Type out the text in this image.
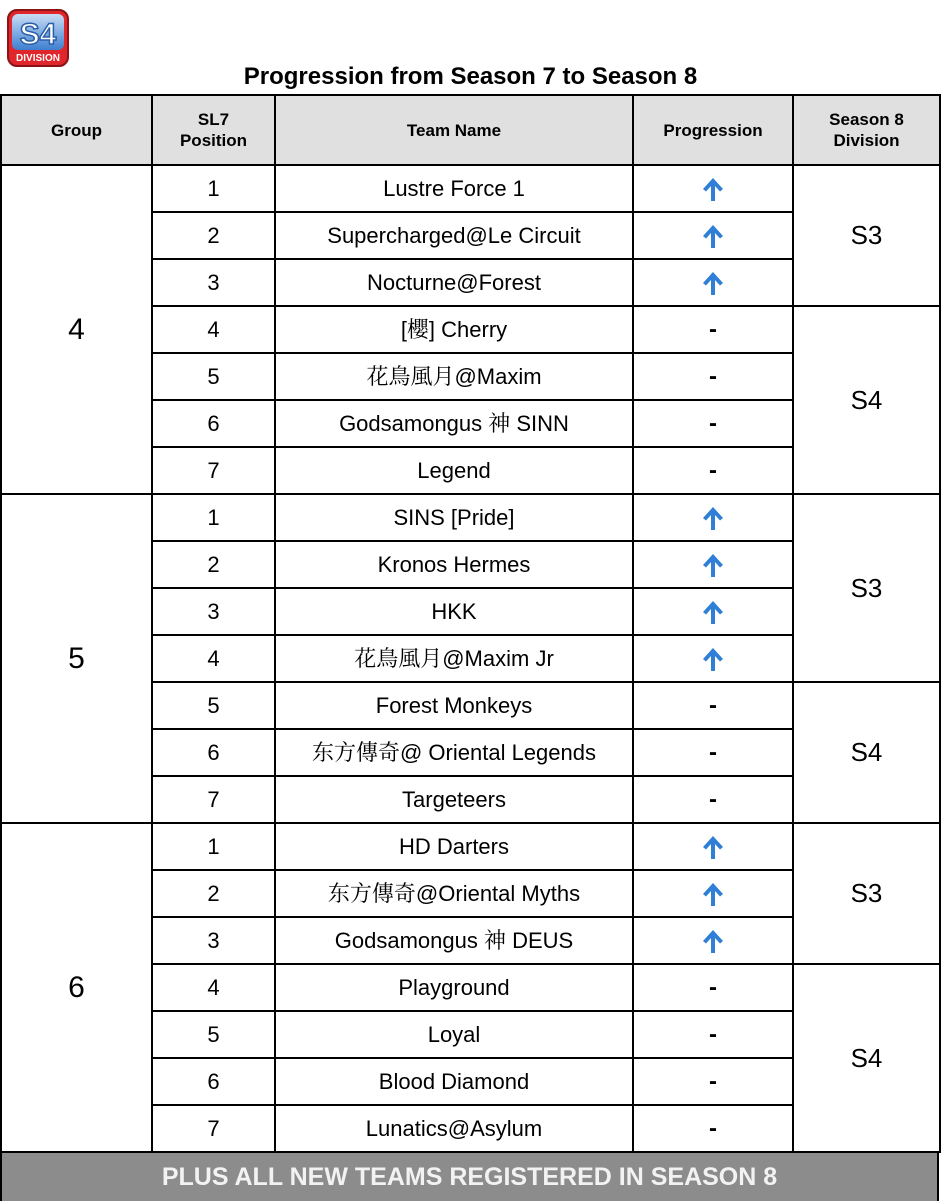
S4
DIVISION
Progression from Season 7 to Season 8
Group	SL7
Position	Team Name	Progression	Season 8
Division
4	1	Lustre Force 1		S3
	2	Supercharged@Le Circuit	
	3	Nocturne@Forest	
	4	[櫻] Cherry	-	S4
	5	花鳥風月@Maxim	-	
	6	Godsamongus 神 SINN	-	
	7	Legend	-	
5	1	SINS [Pride]		S3
	2	Kronos Hermes	
	3	HKK	
	4	花鳥風月@Maxim Jr	
	5	Forest Monkeys	-	S4
	6	东方傳奇@ Oriental Legends	-	
	7	Targeteers	-	
6	1	HD Darters		S3
	2	东方傳奇@Oriental Myths	
	3	Godsamongus 神 DEUS	
	4	Playground	-	S4
	5	Loyal	-	
	6	Blood Diamond	-	
	7	Lunatics@Asylum	-	
PLUS ALL NEW TEAMS REGISTERED IN SEASON 8
